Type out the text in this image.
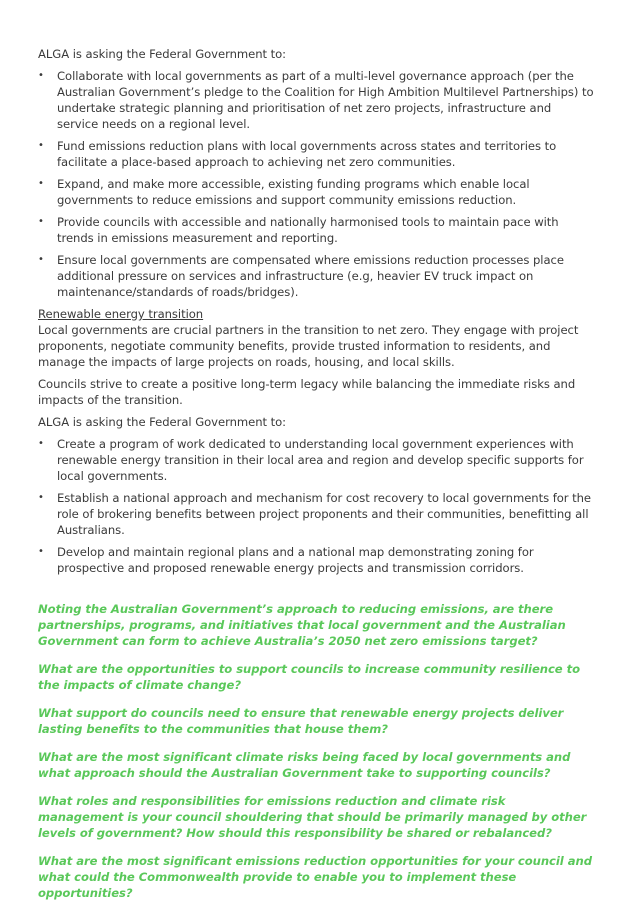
ALGA is asking the Federal Government to:

• Collaborate with local governments as part of a multi-level governance approach (per the Australian Government’s pledge to the Coalition for High Ambition Multilevel Partnerships) to undertake strategic planning and prioritisation of net zero projects, infrastructure and service needs on a regional level.
• Fund emissions reduction plans with local governments across states and territories to facilitate a place-based approach to achieving net zero communities.
• Expand, and make more accessible, existing funding programs which enable local governments to reduce emissions and support community emissions reduction.
• Provide councils with accessible and nationally harmonised tools to maintain pace with trends in emissions measurement and reporting.
• Ensure local governments are compensated where emissions reduction processes place additional pressure on services and infrastructure (e.g, heavier EV truck impact on maintenance/standards of roads/bridges).

Renewable energy transition

Local governments are crucial partners in the transition to net zero. They engage with project proponents, negotiate community benefits, provide trusted information to residents, and manage the impacts of large projects on roads, housing, and local skills.

Councils strive to create a positive long-term legacy while balancing the immediate risks and impacts of the transition.

ALGA is asking the Federal Government to:

• Create a program of work dedicated to understanding local government experiences with renewable energy transition in their local area and region and develop specific supports for local governments.
• Establish a national approach and mechanism for cost recovery to local governments for the role of brokering benefits between project proponents and their communities, benefitting all Australians.
• Develop and maintain regional plans and a national map demonstrating zoning for prospective and proposed renewable energy projects and transmission corridors.

Noting the Australian Government’s approach to reducing emissions, are there partnerships, programs, and initiatives that local government and the Australian Government can form to achieve Australia’s 2050 net zero emissions target?

What are the opportunities to support councils to increase community resilience to the impacts of climate change?

What support do councils need to ensure that renewable energy projects deliver lasting benefits to the communities that house them?

What are the most significant climate risks being faced by local governments and what approach should the Australian Government take to supporting councils?

What roles and responsibilities for emissions reduction and climate risk management is your council shouldering that should be primarily managed by other levels of government? How should this responsibility be shared or rebalanced?

What are the most significant emissions reduction opportunities for your council and what could the Commonwealth provide to enable you to implement these opportunities?
